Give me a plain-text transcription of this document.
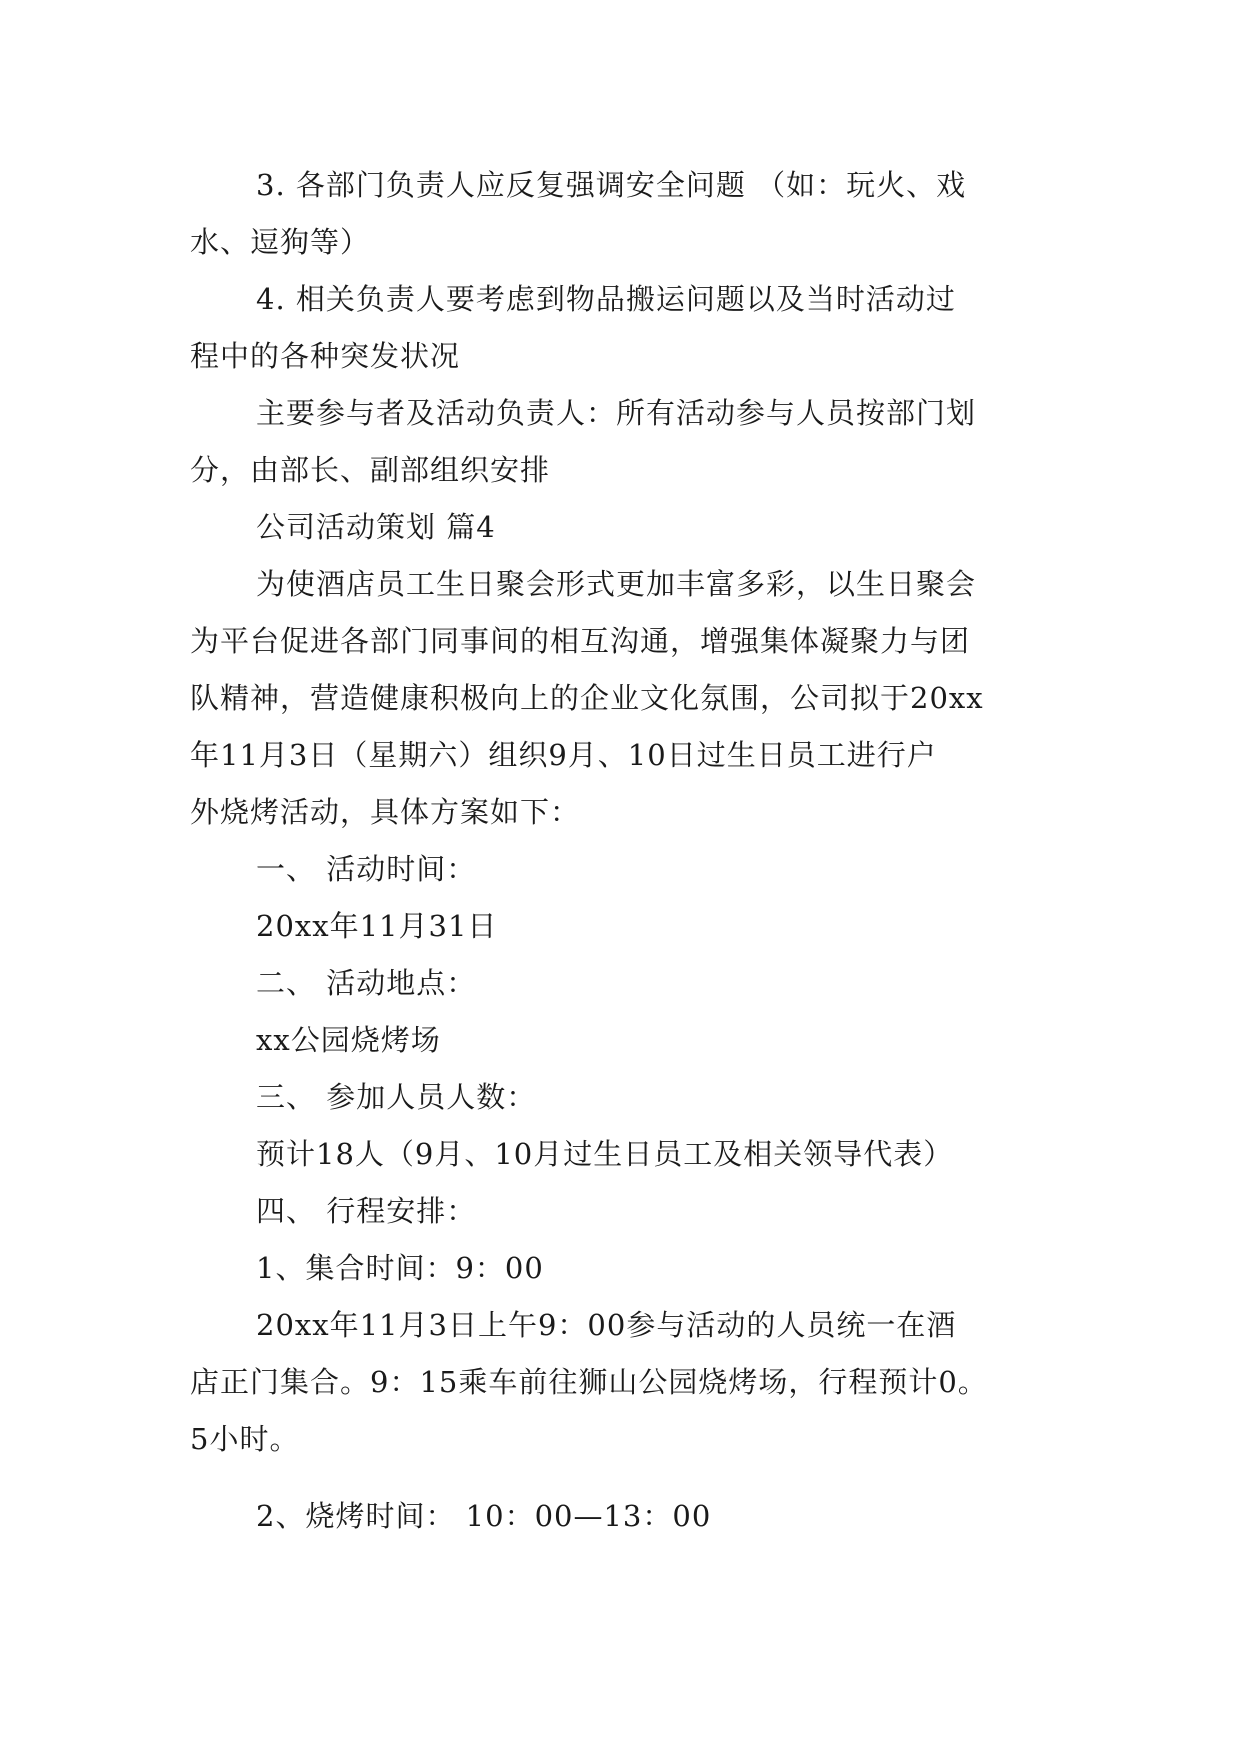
3. 各部门负责人应反复强调安全问题 （如：玩火、戏
水、逗狗等）
4. 相关负责人要考虑到物品搬运问题以及当时活动过
程中的各种突发状况
主要参与者及活动负责人：所有活动参与人员按部门划
分，由部长、副部组织安排
公司活动策划 篇4
为使酒店员工生日聚会形式更加丰富多彩，以生日聚会
为平台促进各部门同事间的相互沟通，增强集体凝聚力与团
队精神，营造健康积极向上的企业文化氛围，公司拟于20xx
年11月3日（星期六）组织9月、10日过生日员工进行户
外烧烤活动，具体方案如下：
一、 活动时间：
20xx年11月31日
二、 活动地点：
xx公园烧烤场
三、 参加人员人数：
预计18人（9月、10月过生日员工及相关领导代表）
四、 行程安排：
1、集合时间：9：00
20xx年11月3日上午9：00参与活动的人员统一在酒
店正门集合。9：15乘车前往狮山公园烧烤场，行程预计0。
5小时。
2、烧烤时间： 10：00—13：00
